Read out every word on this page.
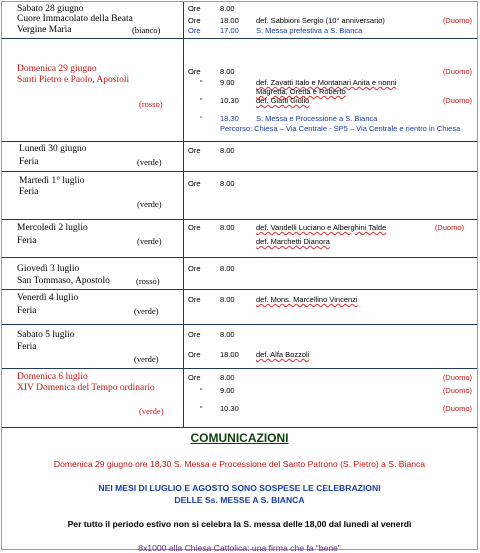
Sabato 28 giugno
Cuore Immacolato della Beata
Vergine Maria	(bianco)
Ore	8.00
Ore	18.00 def. Sabbioni Sergio (10° anniversario)	(Duomo)
Ore	17.00 S. Messa prefestiva a S. Bianca
Domenica 29 giugno
Santi Pietro e Paolo, Apostoli
(rosso)
Ore	8.00	(Duomo)
“ 9.00	def. Zavatti Italo e Montanari Anita e nonni
Magretta, Oretta e Roberto
“ 10.30 def. Giatti Giulio	(Duomo)
“ 18.30 S. Messa e Processione a S. Bianca
Percorso: Chiesa – Via Centrale - SP5 – Via Centrale e rientro in Chiesa
Lunedì 30 giugno
Feria	(verde)
Ore	8.00
Martedì 1° luglio
Feria
(verde)
Ore	8.00
Mercoledì 2 luglio
Feria	(verde)
Ore	8.00	def. Vandelli Luciano e Alberghini Talde	(Duomo)
def. Marchetti Dianora
Giovedì 3 luglio
San Tommaso, Apostolo	(rosso)
Ore	8.00
Venerdì 4 luglio
Feria	(verde)
Ore	8.00	def. Mons. Marcellino Vincenzi
Sabato 5 luglio
Feria
(verde)
Ore	8.00
Ore	18.00 def. Alfa Bozzoli
Domenica 6 luglio
XIV Domenica del Tempo ordinario
(verde)
Ore	8.00	(Duomo)
“ 9.00	(Duomo)
“ 10.30	(Duomo)
COMUNICAZIONI
Domenica 29 giugno ore 18,30 S. Messa e Processione del Santo Patrono (S. Pietro) a S. Bianca
NEI MESI DI LUGLIO E AGOSTO SONO SOSPESE LE CELEBRAZIONI
DELLE Ss. MESSE A S. BIANCA
Per tutto il periodo estivo non si celebra la S. messa delle 18,00 dal lunedì al venerdì
8x1000 alla Chiesa Cattolica: una firma che fa “bene”
